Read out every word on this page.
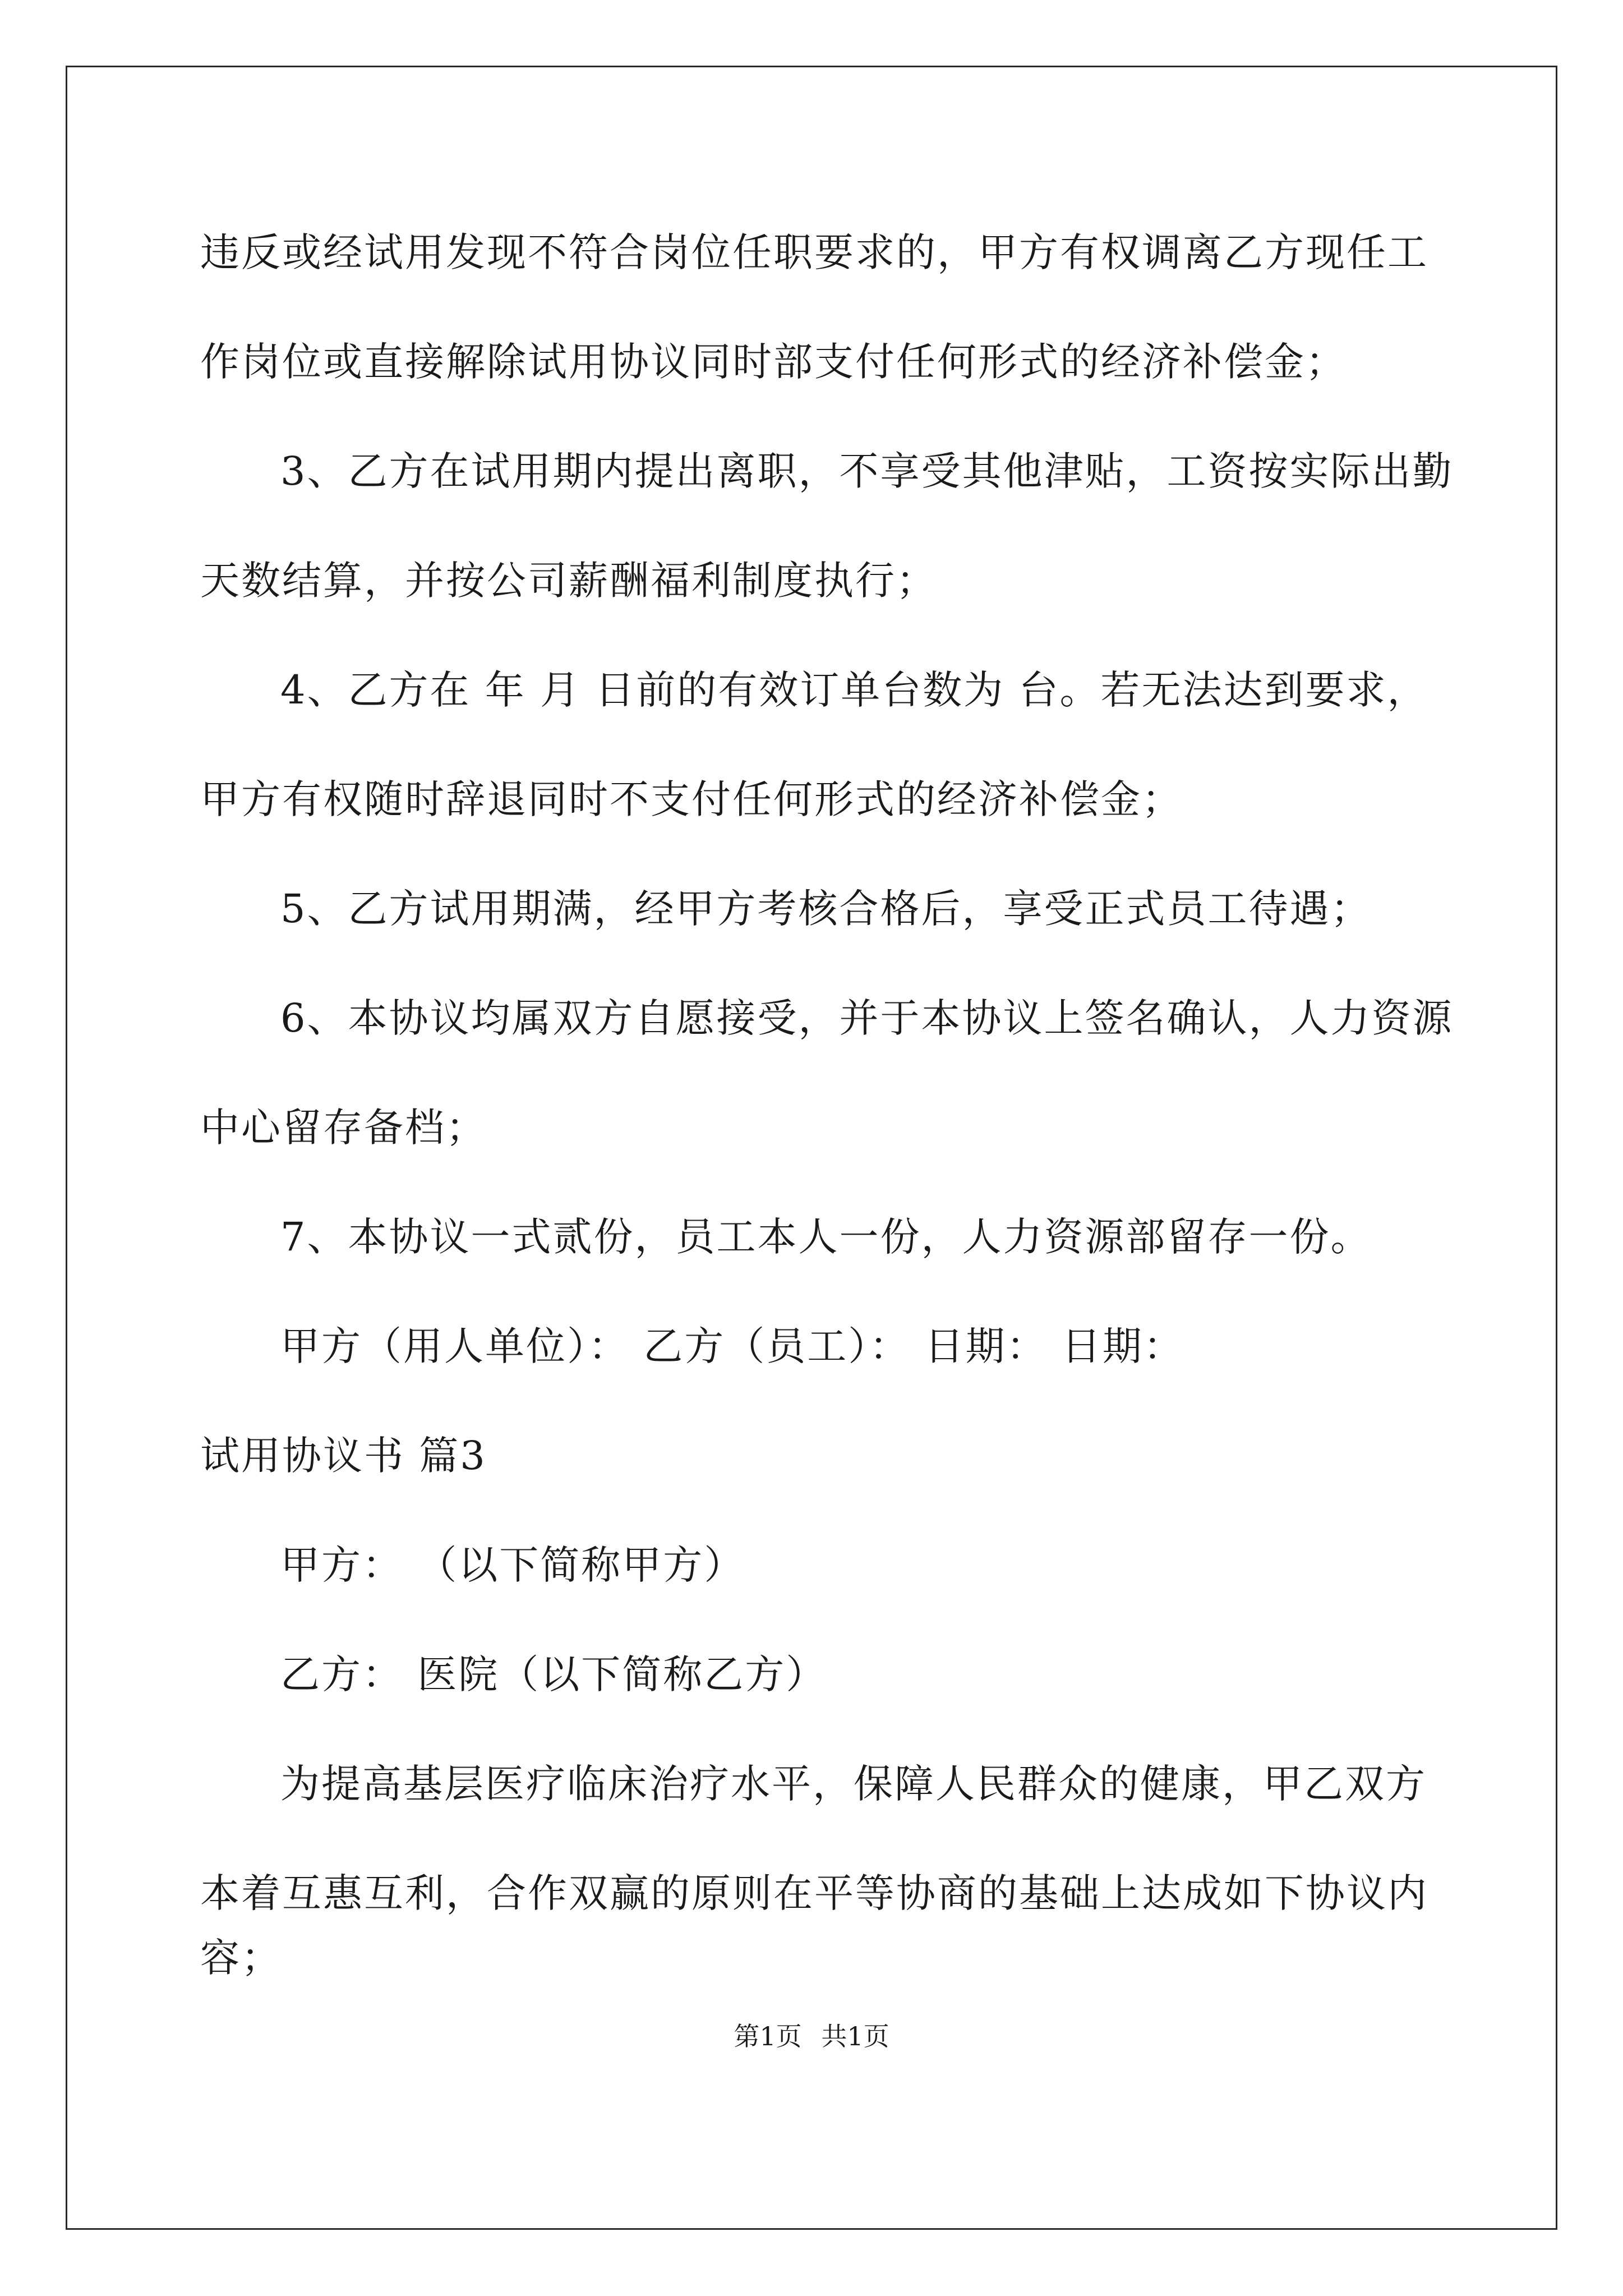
违反或经试用发现不符合岗位任职要求的，甲方有权调离乙方现任工
作岗位或直接解除试用协议同时部支付任何形式的经济补偿金；
3、乙方在试用期内提出离职，不享受其他津贴，工资按实际出勤
天数结算，并按公司薪酬福利制度执行；
4、乙方在 年 月 日前的有效订单台数为 台。若无法达到要求，
甲方有权随时辞退同时不支付任何形式的经济补偿金；
5、乙方试用期满，经甲方考核合格后，享受正式员工待遇；
6、本协议均属双方自愿接受，并于本协议上签名确认，人力资源
中心留存备档；
7、本协议一式贰份，员工本人一份，人力资源部留存一份。
甲方（用人单位）： 乙方（员工）： 日期： 日期：
试用协议书 篇3
甲方： （以下简称甲方）
乙方： 医院（以下简称乙方）
为提高基层医疗临床治疗水平，保障人民群众的健康，甲乙双方
本着互惠互利，合作双赢的原则在平等协商的基础上达成如下协议内
容；
第1页 共1页
